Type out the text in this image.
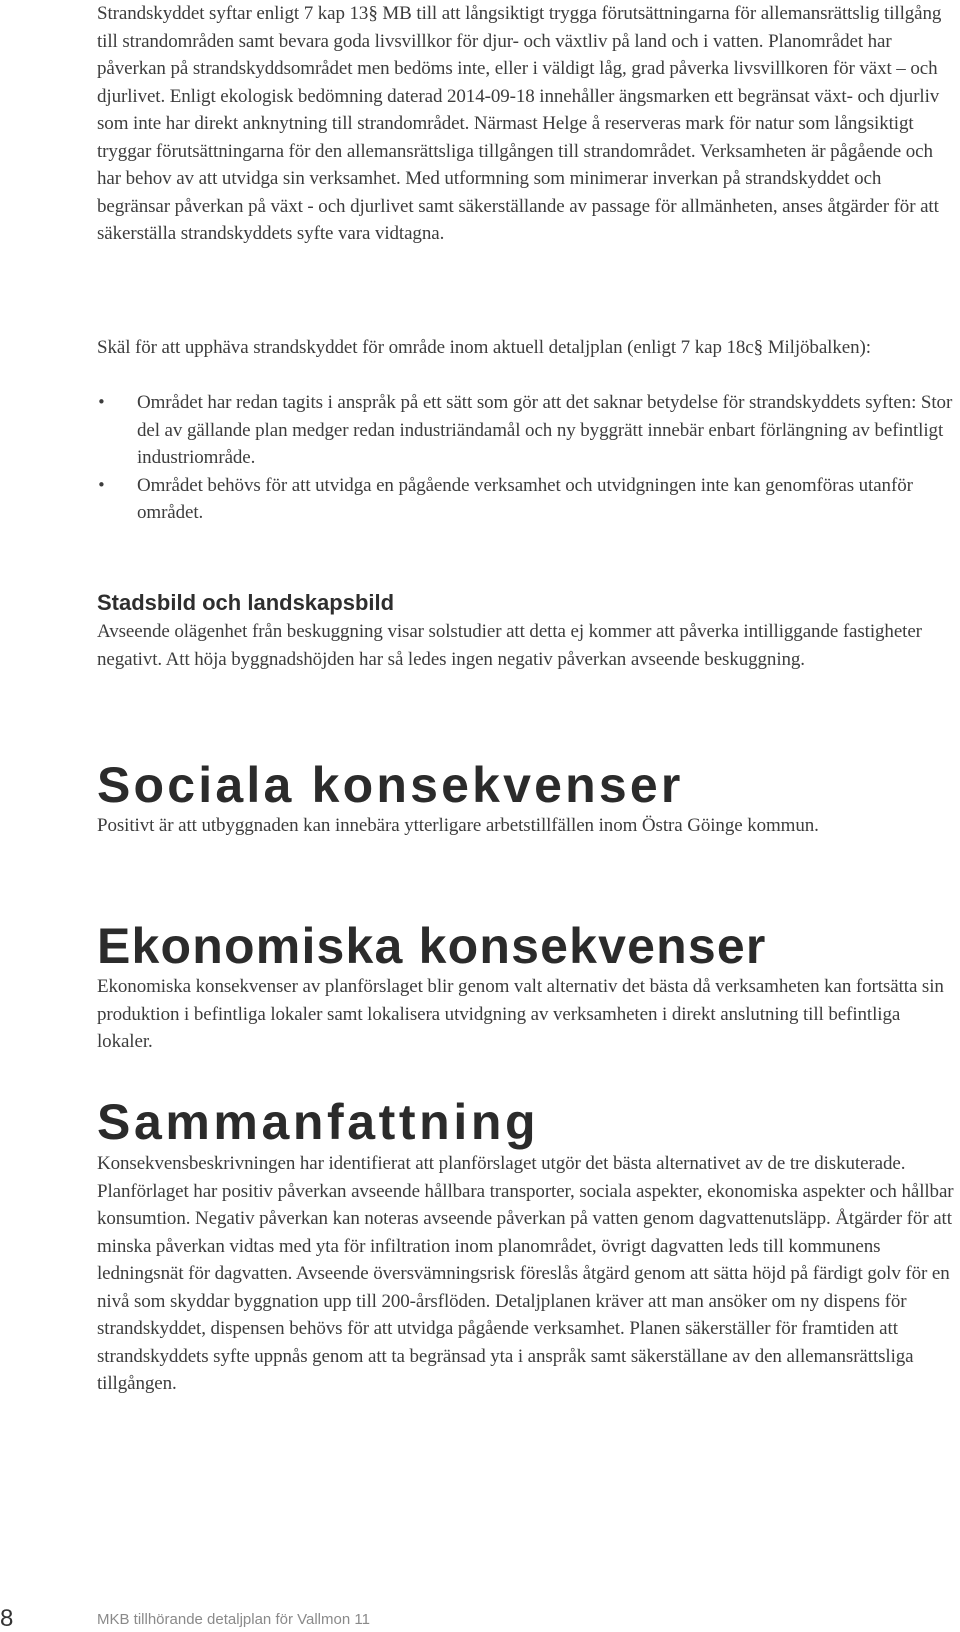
Strandskyddet syftar enligt 7 kap 13§ MB till att långsiktigt trygga förutsättningarna för allemansrättslig tillgång till strandområden samt bevara goda livsvillkor för djur- och växtliv på land och i vatten. Planområdet har påverkan på strandskyddsområdet men bedöms inte, eller i väldigt låg, grad påverka livsvillkoren för växt – och djurlivet. Enligt ekologisk bedömning daterad 2014-09-18 innehåller ängsmarken ett begränsat växt- och djurliv som inte har direkt anknytning till strandområdet. Närmast Helge å reserveras mark för natur som långsiktigt tryggar förutsättningarna för den allemansrättsliga tillgången till strandområdet. Verksamheten är pågående och har behov av att utvidga sin verksamhet. Med utformning som minimerar inverkan på strandskyddet och begränsar påverkan på växt - och djurlivet samt säkerställande av passage för allmänheten, anses åtgärder för att säkerställa strandskyddets syfte vara vidtagna.

Skäl för att upphäva strandskyddet för område inom aktuell detaljplan (enligt 7 kap 18c§ Miljöbalken):

•	Området har redan tagits i anspråk på ett sätt som gör att det saknar betydelse för strandskyddets syften: Stor del av gällande plan medger redan industriändamål och ny byggrätt innebär enbart förlängning av befintligt industriområde.
•	Området behövs för att utvidga en pågående verksamhet och utvidgningen inte kan genomföras utanför området.
Stadsbild och landskapsbild

Avseende olägenhet från beskuggning visar solstudier att detta ej kommer att påverka intilliggande fastigheter negativt. Att höja byggnadshöjden har så ledes ingen negativ påverkan avseende beskuggning.

Sociala konsekvenser

Positivt är att utbyggnaden kan innebära ytterligare arbetstillfällen inom Östra Göinge kommun.

Ekonomiska konsekvenser

Ekonomiska konsekvenser av planförslaget blir genom valt alternativ det bästa då verksamheten kan fortsätta sin produktion i befintliga lokaler samt lokalisera utvidgning av verksamheten i direkt anslutning till befintliga lokaler.

Sammanfattning

Konsekvensbeskrivningen har identifierat att planförslaget utgör det bästa alternativet av de tre diskuterade. Planförlaget har positiv påverkan avseende hållbara transporter, sociala aspekter, ekonomiska aspekter och hållbar konsumtion. Negativ påverkan kan noteras avseende påverkan på vatten genom dagvattenutsläpp. Åtgärder för att minska påverkan vidtas med yta för infiltration inom planområdet, övrigt dagvatten leds till kommunens ledningsnät för dagvatten. Avseende översvämningsrisk föreslås åtgärd genom att sätta höjd på färdigt golv för en nivå som skyddar byggnation upp till 200-årsflöden. Detaljplanen kräver att man ansöker om ny dispens för strandskyddet, dispensen behövs för att utvidga pågående verksamhet. Planen säkerställer för framtiden att strandskyddets syfte uppnås genom att ta begränsad yta i anspråk samt säkerställane av den allemansrättsliga tillgången.

8	MKB tillhörande detaljplan för Vallmon 11
